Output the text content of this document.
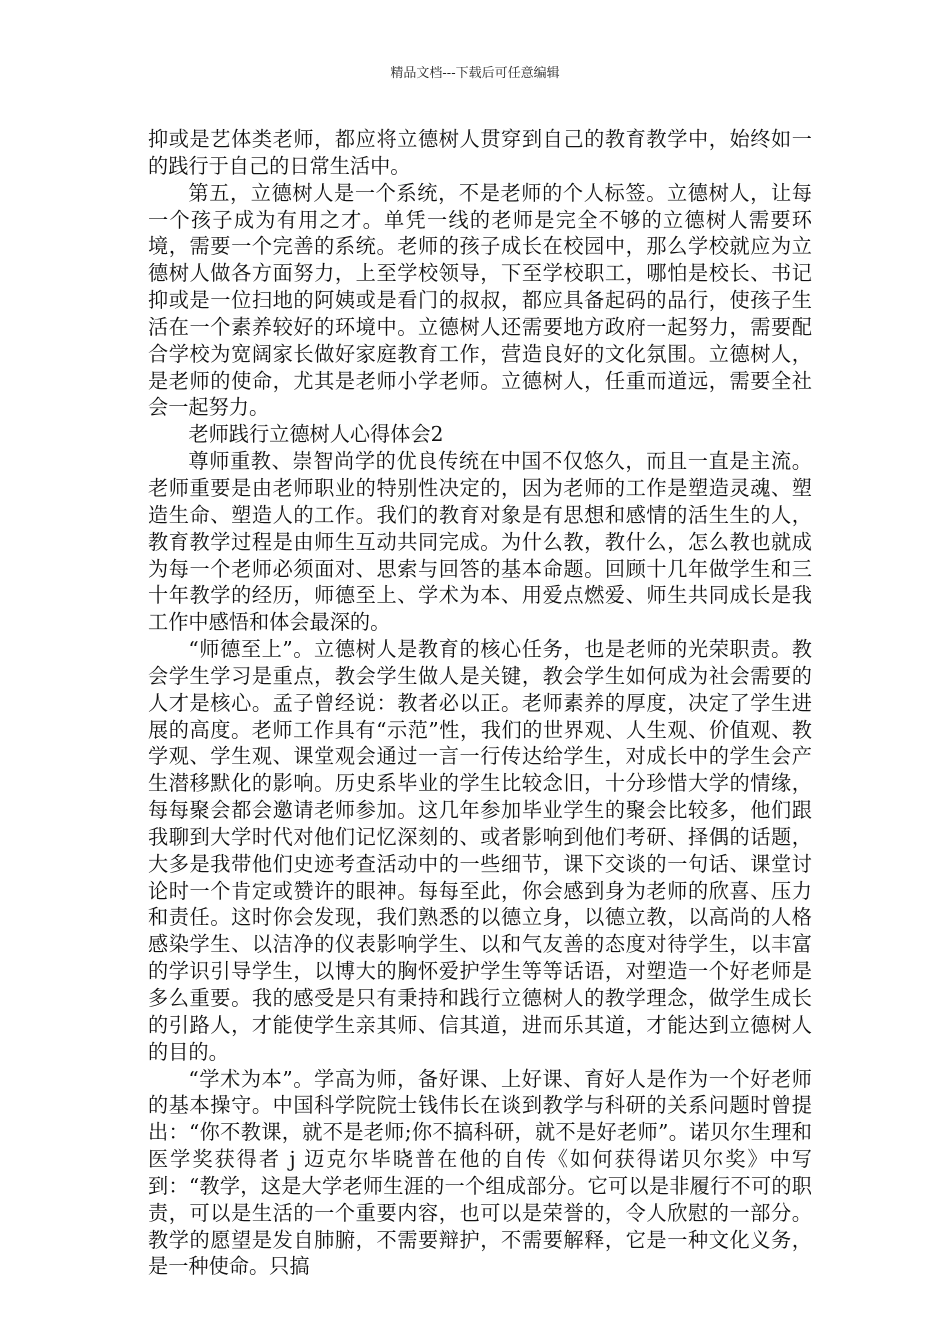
精品文档---下载后可任意编辑

抑或是艺体类老师，都应将立德树人贯穿到自己的教育教学中，始终如一的践行于自己的日常生活中。

第五，立德树人是一个系统，不是老师的个人标签。立德树人，让每一个孩子成为有用之才。单凭一线的老师是完全不够的立德树人需要环境，需要一个完善的系统。老师的孩子成长在校园中，那么学校就应为立德树人做各方面努力，上至学校领导，下至学校职工，哪怕是校长、书记抑或是一位扫地的阿姨或是看门的叔叔，都应具备起码的品行，使孩子生活在一个素养较好的环境中。立德树人还需要地方政府一起努力，需要配合学校为宽阔家长做好家庭教育工作，营造良好的文化氛围。立德树人，是老师的使命，尤其是老师小学老师。立德树人，任重而道远，需要全社会一起努力。

老师践行立德树人心得体会2

尊师重教、崇智尚学的优良传统在中国不仅悠久，而且一直是主流。老师重要是由老师职业的特别性决定的，因为老师的工作是塑造灵魂、塑造生命、塑造人的工作。我们的教育对象是有思想和感情的活生生的人，教育教学过程是由师生互动共同完成。为什么教，教什么，怎么教也就成为每一个老师必须面对、思索与回答的基本命题。回顾十几年做学生和三十年教学的经历，师德至上、学术为本、用爱点燃爱、师生共同成长是我工作中感悟和体会最深的。

“师德至上”。立德树人是教育的核心任务，也是老师的光荣职责。教会学生学习是重点，教会学生做人是关键，教会学生如何成为社会需要的人才是核心。孟子曾经说：教者必以正。老师素养的厚度，决定了学生进展的高度。老师工作具有“示范”性，我们的世界观、人生观、价值观、教学观、学生观、课堂观会通过一言一行传达给学生，对成长中的学生会产生潜移默化的影响。历史系毕业的学生比较念旧，十分珍惜大学的情缘，每每聚会都会邀请老师参加。这几年参加毕业学生的聚会比较多，他们跟我聊到大学时代对他们记忆深刻的、或者影响到他们考研、择偶的话题，大多是我带他们史迹考查活动中的一些细节，课下交谈的一句话、课堂讨论时一个肯定或赞许的眼神。每每至此，你会感到身为老师的欣喜、压力和责任。这时你会发现，我们熟悉的以德立身，以德立教，以高尚的人格感染学生、以洁净的仪表影响学生、以和气友善的态度对待学生，以丰富的学识引导学生，以博大的胸怀爱护学生等等话语，对塑造一个好老师是多么重要。我的感受是只有秉持和践行立德树人的教学理念，做学生成长的引路人，才能使学生亲其师、信其道，进而乐其道，才能达到立德树人的目的。

“学术为本”。学高为师，备好课、上好课、育好人是作为一个好老师的基本操守。中国科学院院士钱伟长在谈到教学与科研的关系问题时曾提出：“你不教课，就不是老师;你不搞科研，就不是好老师”。诺贝尔生理和医学奖获得者 j 迈克尔毕晓普在他的自传《如何获得诺贝尔奖》中写到：“教学，这是大学老师生涯的一个组成部分。它可以是非履行不可的职责，可以是生活的一个重要内容，也可以是荣誉的，令人欣慰的一部分。教学的愿望是发自肺腑，不需要辩护，不需要解释，它是一种文化义务，是一种使命。只搞
